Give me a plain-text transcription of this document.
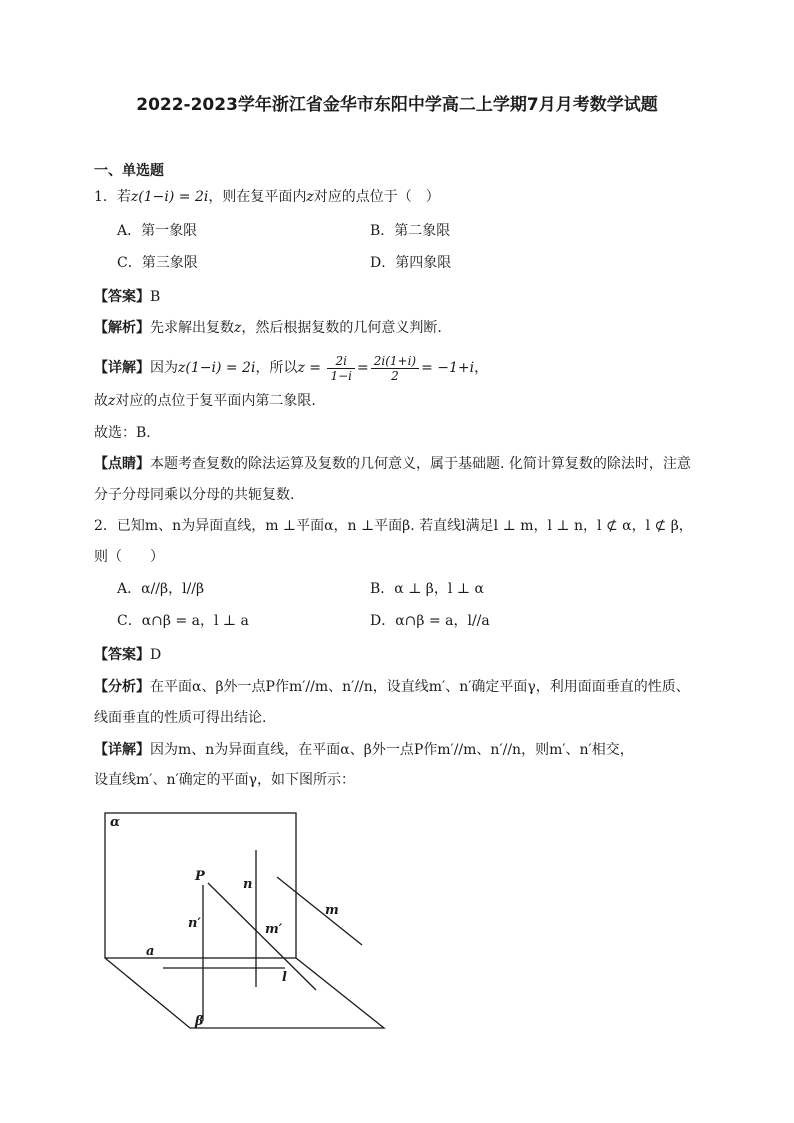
2022-2023学年浙江省金华市东阳中学高二上学期7月月考数学试题
一、单选题
1．若z(1−i) = 2i，则在复平面内z对应的点位于（　）
A．第一象限	B．第二象限
C．第三象限	D．第四象限
【答案】B
【解析】先求解出复数z，然后根据复数的几何意义判断.
【详解】因为z(1−i) = 2i，所以$z = \frac{2i}{1-i} = \frac{2i(1+i)}{2} = -1+i$，
故z对应的点位于复平面内第二象限.
故选：B.
【点睛】本题考查复数的除法运算及复数的几何意义，属于基础题. 化简计算复数的除法时，注意
分子分母同乘以分母的共轭复数.
2．已知m、n为异面直线，m ⊥平面α，n ⊥平面β. 若直线l满足l ⊥ m，l ⊥ n，l ⊄ α，l ⊄ β，
则（　　）
A．α//β，l//β	B．α ⊥ β，l ⊥ α
C．α∩β = a，l ⊥ a	D．α∩β = a，l//a
【答案】D
【分析】在平面α、β外一点P作m′//m、n′//n，设直线m′、n′确定平面γ，利用面面垂直的性质、
线面垂直的性质可得出结论.
【详解】因为m、n为异面直线，在平面α、β外一点P作m′//m、n′//n，则m′、n′相交，
设直线m′、n′确定的平面γ，如下图所示：
α
β
P
n
n′	m′
m
a
l
